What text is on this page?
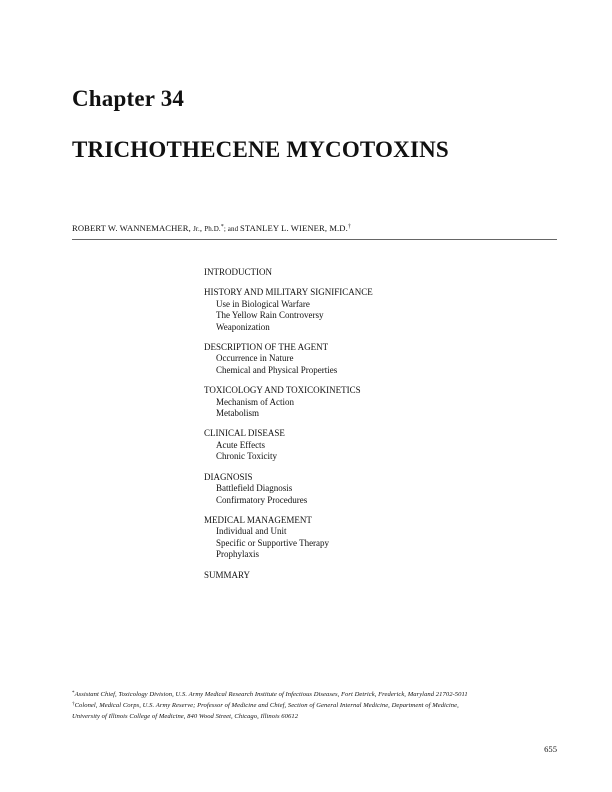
Chapter 34
TRICHOTHECENE MYCOTOXINS
ROBERT W. WANNEMACHER, Jr., Ph.D.*; and STANLEY L. WIENER, M.D.†
INTRODUCTION
HISTORY AND MILITARY SIGNIFICANCE
Use in Biological Warfare
The Yellow Rain Controversy
Weaponization
DESCRIPTION OF THE AGENT
Occurrence in Nature
Chemical and Physical Properties
TOXICOLOGY AND TOXICOKINETICS
Mechanism of Action
Metabolism
CLINICAL DISEASE
Acute Effects
Chronic Toxicity
DIAGNOSIS
Battlefield Diagnosis
Confirmatory Procedures
MEDICAL MANAGEMENT
Individual and Unit
Specific or Supportive Therapy
Prophylaxis
SUMMARY
*Assistant Chief, Toxicology Division, U.S. Army Medical Research Institute of Infectious Diseases, Fort Detrick, Frederick, Maryland 21702-5011
†Colonel, Medical Corps, U.S. Army Reserve; Professor of Medicine and Chief, Section of General Internal Medicine, Department of Medicine,
University of Illinois College of Medicine, 840 Wood Street, Chicago, Illinois 60612
655
